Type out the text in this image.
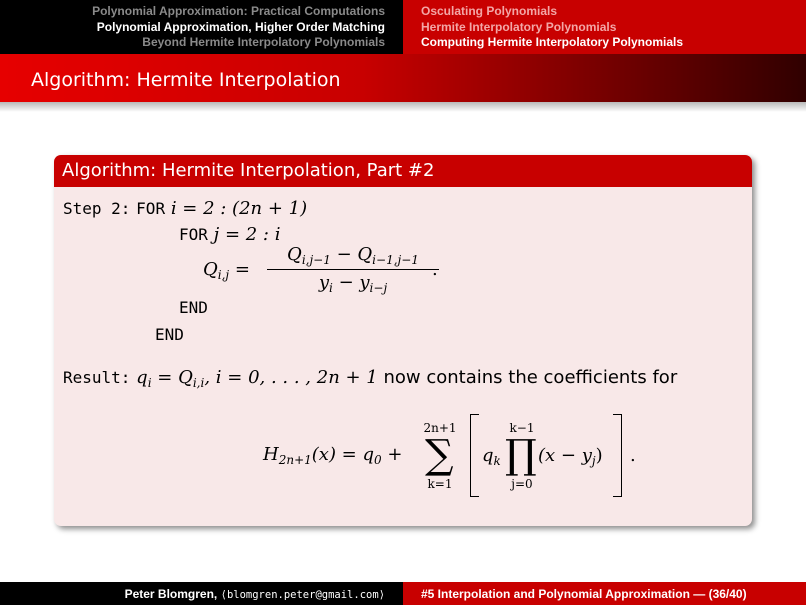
Polynomial Approximation: Practical Computations
Polynomial Approximation, Higher Order Matching
Beyond Hermite Interpolatory Polynomials
Osculating Polynomials
Hermite Interpolatory Polynomials
Computing Hermite Interpolatory Polynomials
Algorithm: Hermite Interpolation
Algorithm: Hermite Interpolation, Part #2
Step 2: FOR i = 2 : (2n + 1)
FOR j = 2 : i
$Q_{i,j}$ =
$Q_{i,j-1} - Q_{i-1,j-1}$
$y_i - y_{i-j}$
.
END
END
Result: $q_i = Q_{i,i}$, i = 0, . . . , 2n + 1 now contains the coefficients for
$H_{2n+1}(x) = q_0$ +
2n+1
∑
k=1
$q_k$
k−1
∏
j=0
$(x - y_j)$ .
Peter Blomgren, ⟨blomgren.peter@gmail.com⟩	#5 Interpolation and Polynomial Approximation — (36/40)
